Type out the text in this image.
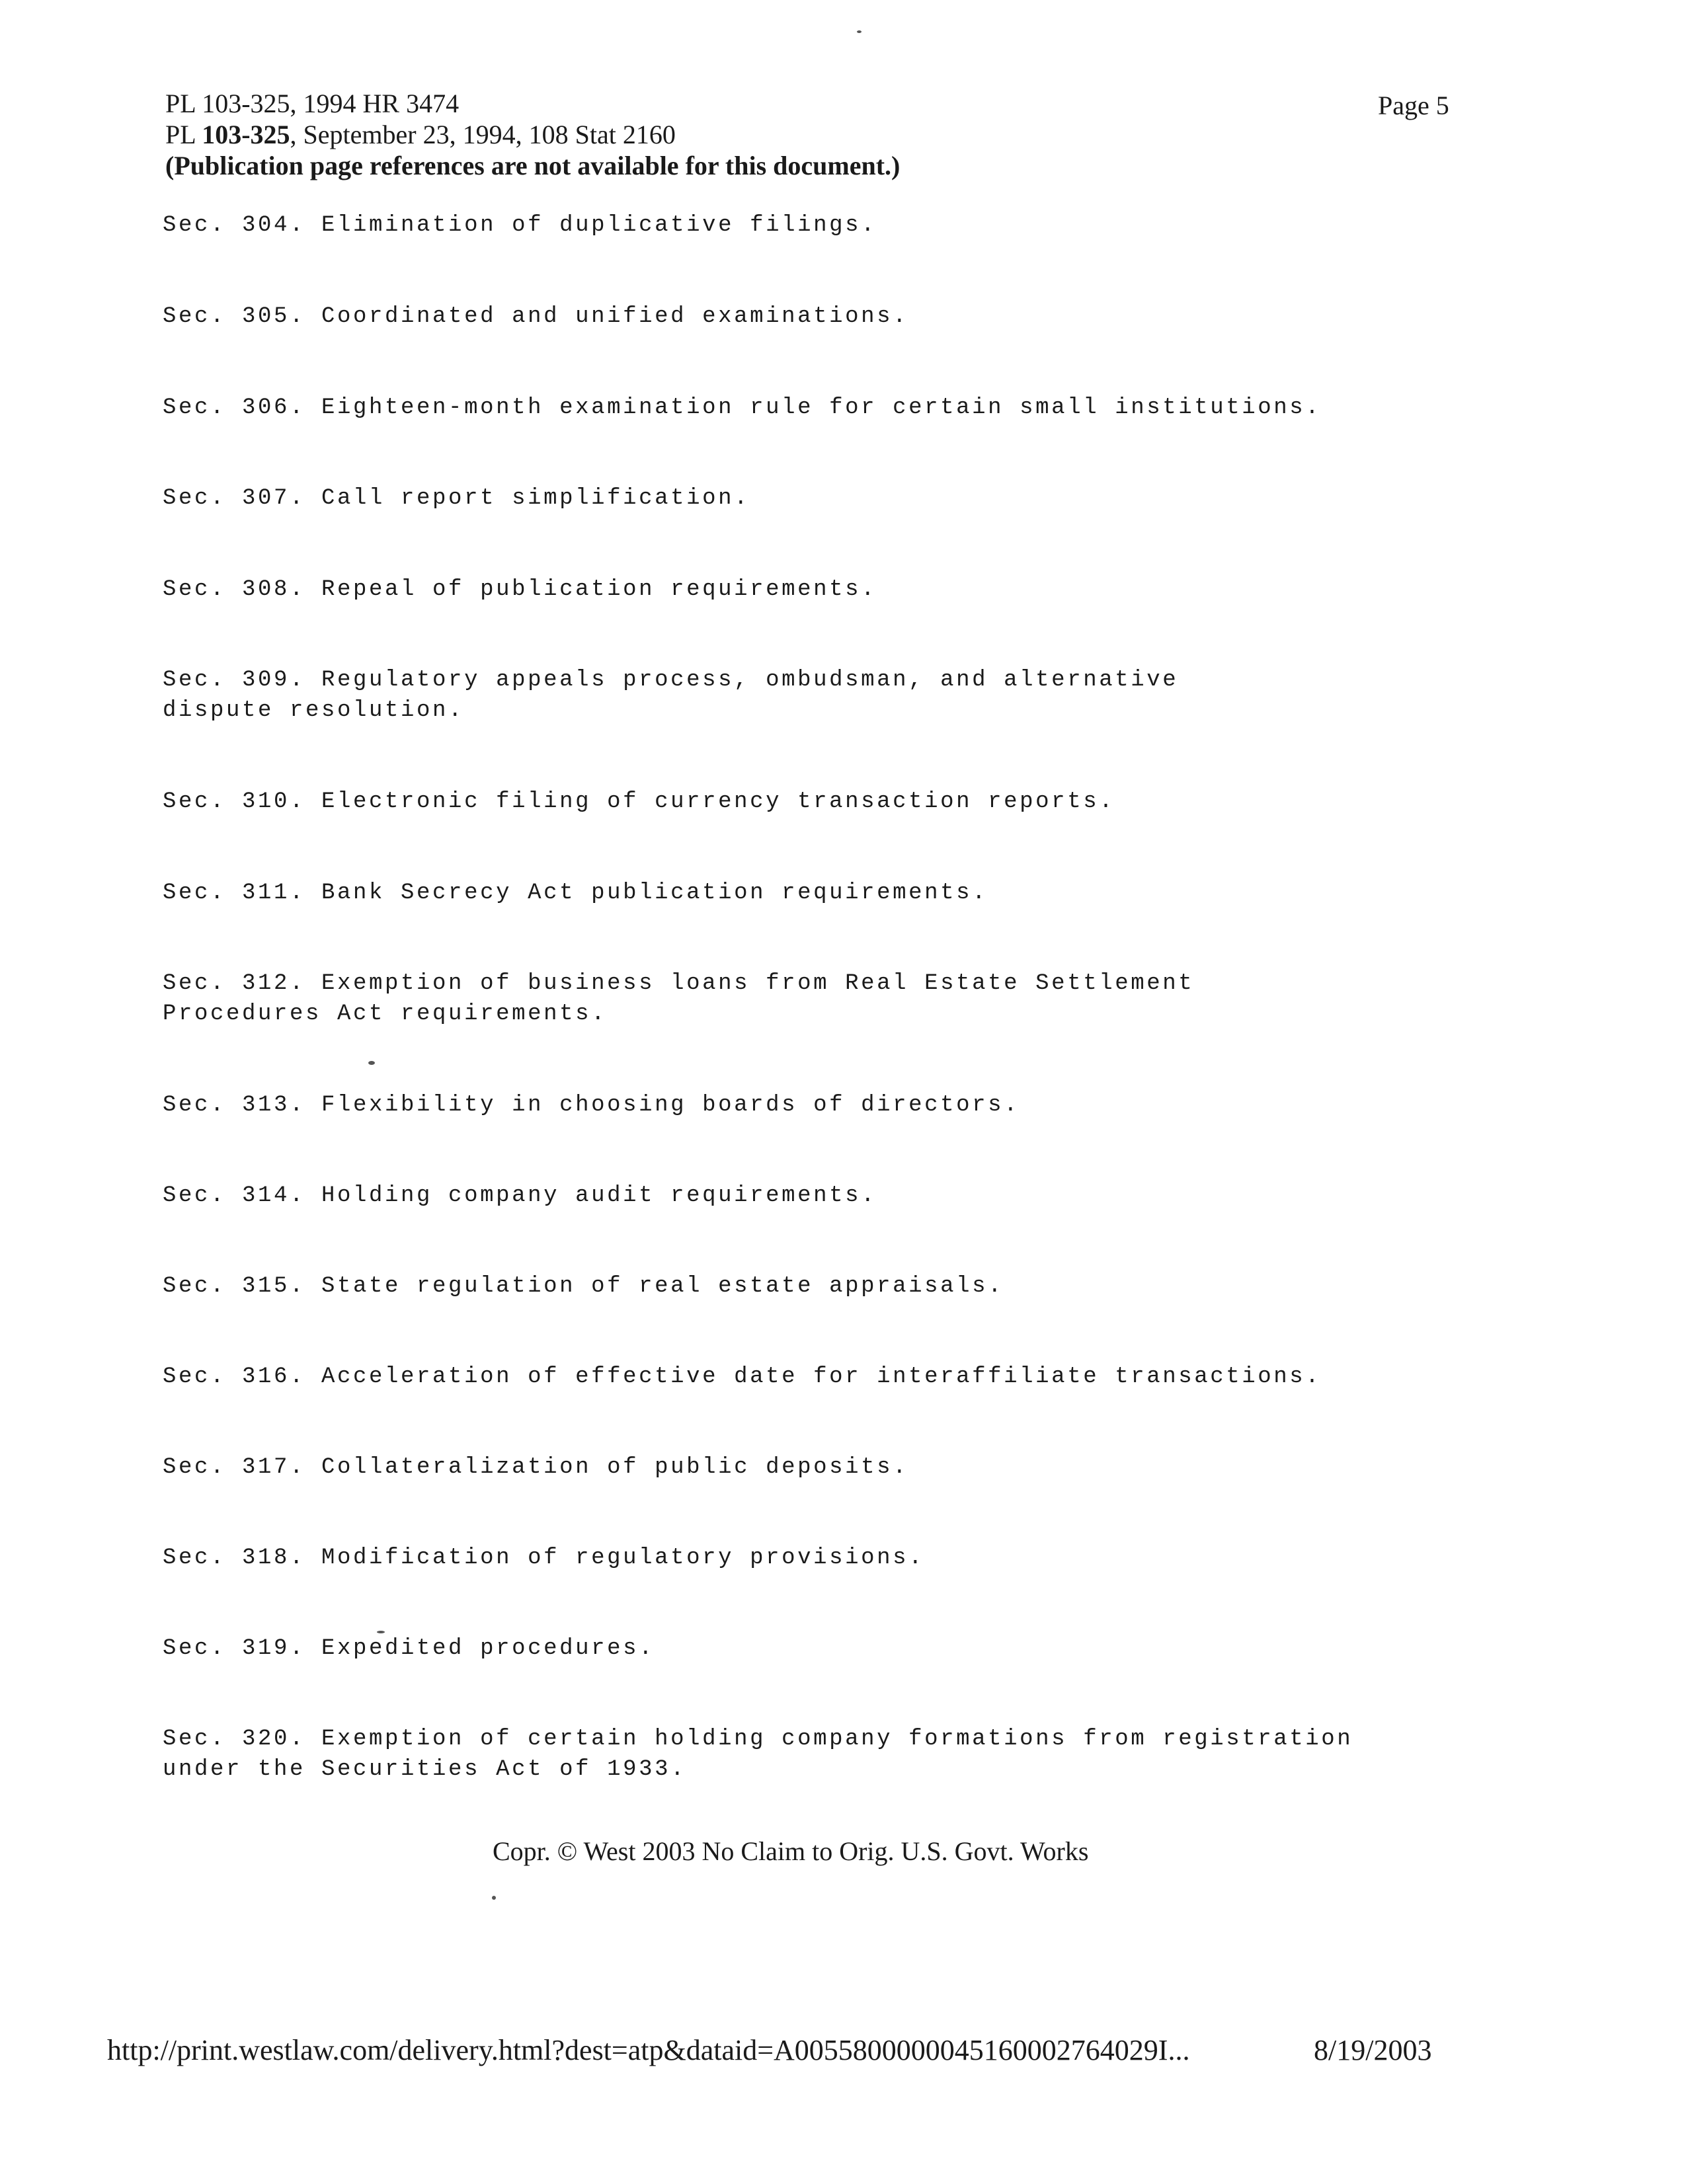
PL 103-325, 1994 HR 3474
PL 103-325, September 23, 1994, 108 Stat 2160
(Publication page references are not available for this document.)
Page 5
Sec. 304. Elimination of duplicative filings.
Sec. 305. Coordinated and unified examinations.
Sec. 306. Eighteen-month examination rule for certain small institutions.
Sec. 307. Call report simplification.
Sec. 308. Repeal of publication requirements.
Sec. 309. Regulatory appeals process, ombudsman, and alternative dispute resolution.
Sec. 310. Electronic filing of currency transaction reports.
Sec. 311. Bank Secrecy Act publication requirements.
Sec. 312. Exemption of business loans from Real Estate Settlement Procedures Act requirements.
Sec. 313. Flexibility in choosing boards of directors.
Sec. 314. Holding company audit requirements.
Sec. 315. State regulation of real estate appraisals.
Sec. 316. Acceleration of effective date for interaffiliate transactions.
Sec. 317. Collateralization of public deposits.
Sec. 318. Modification of regulatory provisions.
Sec. 319. Expedited procedures.
Sec. 320. Exemption of certain holding company formations from registration under the Securities Act of 1933.
Copr. © West 2003 No Claim to Orig. U.S. Govt. Works
http://print.westlaw.com/delivery.html?dest=atp&dataid=A0055800000045160002764029I...	8/19/2003
